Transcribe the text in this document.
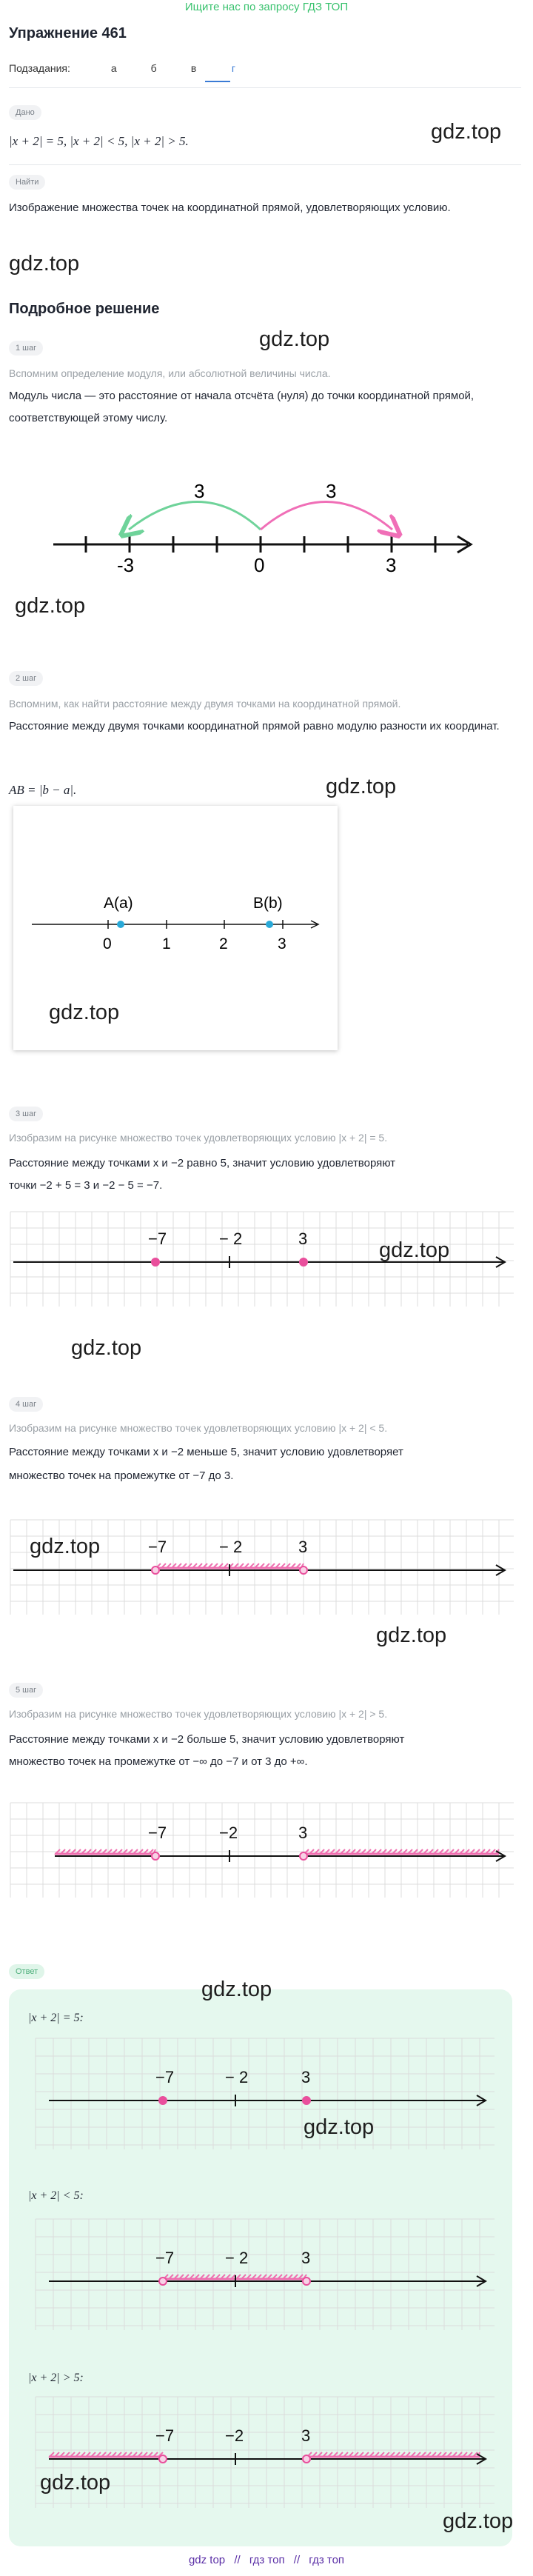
Ищите нас по запросу ГДЗ ТОП
Упражнение 461
Подзадания:	а	б	в	г
Дано
|x + 2| = 5, |x + 2| < 5, |x + 2| > 5.	gdz.top
Найти
Изображение множества точек на координатной прямой, удовлетворяющих условию.
gdz.top
Подробное решение
1 шаг	gdz.top
Вспомним определение модуля, или абсолютной величины числа.
Модуль числа — это расстояние от начала отсчёта (нуля) до точки координатной прямой, соответствующей этому числу.
3	3
-3	0	3
gdz.top
2 шаг
Вспомним, как найти расстояние между двумя точками на координатной прямой.
Расстояние между двумя точками координатной прямой равно модулю разности их координат.
AB = |b − a|.	gdz.top
A(a)	B(b)
0	1	2	3
gdz.top
3 шаг
Изобразим на рисунке множество точек удовлетворяющих условию |x + 2| = 5.
Расстояние между точками x и −2 равно 5, значит условию удовлетворяют
точки −2 + 5 = 3 и −2 − 5 = −7.
−7	− 2	3	gdz.top
gdz.top
4 шаг
Изобразим на рисунке множество точек удовлетворяющих условию |x + 2| < 5.
Расстояние между точками x и −2 меньше 5, значит условию удовлетворяет
множество точек на промежутке от −7 до 3.
−7	− 2	3
gdz.top
gdz.top
5 шаг
Изобразим на рисунке множество точек удовлетворяющих условию |x + 2| > 5.
Расстояние между точками x и −2 больше 5, значит условию удовлетворяют
множество точек на промежутке от −∞ до −7 и от 3 до +∞.
−7	−2	3
Ответ
gdz.top
|x + 2| = 5:
−7	− 2	3
gdz.top
|x + 2| < 5:
−7	− 2	3
|x + 2| > 5:
−7	−2	3
gdz.top
gdz.top
gdz top // гдз топ // гдз топ
